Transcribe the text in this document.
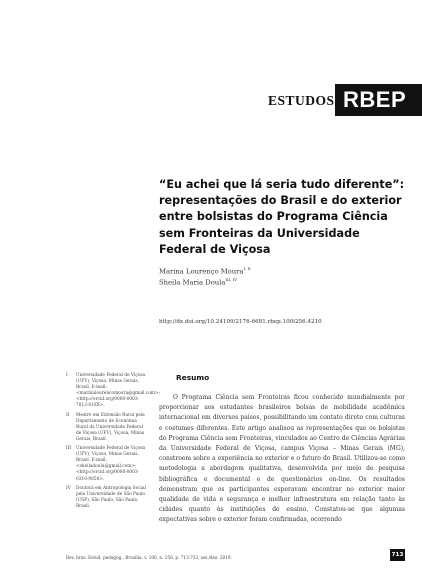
ESTUDOS RBEP
“Eu achei que lá seria tudo diferente”: representações do Brasil e do exterior entre bolsistas do Programa Ciência sem Fronteiras da Universidade Federal de Viçosa
Marina Lourenço Moura$^{I, II}$
Sheila Maria Doula$^{III, IV}$
http://dx.doi.org/10.24109/2176-6681.rbep.100i256.4210
I Universidade Federal de Viçosa (UFV), Viçosa, Minas Gerais, Brasil. E-mail: <marinalourencomoura@gmail.com>; <http://orcid.org/0000-0003-7812-818X>.
II Mestre em Extensão Rural pela Departamento de Economia Rural da Universidade Federal de Viçosa (UFV), Viçosa, Minas Gerais, Brasil.
III Universidade Federal de Viçosa (UFV), Viçosa, Minas Gerais, Brasil. E-mail: <sheiladoula@gmail.com>; <http://orcid.org/0000-0003-0310-9850>.
IV Doutora em Antropologia Social pela Universidade de São Paulo (USP), São Paulo, São Paulo, Brasil.
Resumo

O Programa Ciência sem Fronteiras ficou conhecido mundialmente por proporcionar aos estudantes brasileiros bolsas de mobilidade acadêmica internacional em diversos países, possibilitando um contato direto com culturas e costumes diferentes. Este artigo analisou as representações que os bolsistas do Programa Ciência sem Fronteiras, vinculados ao Centro de Ciências Agrárias da Universidade Federal de Viçosa, campus Viçosa – Minas Gerais (MG), constroem sobre a experiência no exterior e o futuro do Brasil. Utilizou-se como metodologia a abordagem qualitativa, desenvolvida por meio de pesquisa bibliográfica e documental e de questionários on-line. Os resultados demonstram que os participantes esperavam encontrar no exterior maior qualidade de vida e segurança e melhor infraestrutura em relação tanto às cidades quanto às instituições de ensino. Constatou-se que algumas expectativas sobre o exterior foram confirmadas, ocorrendo

Rev. bras. Estud. pedagog., Brasília, v. 100, n. 256, p. 713-732, set./dez. 2019.	713
